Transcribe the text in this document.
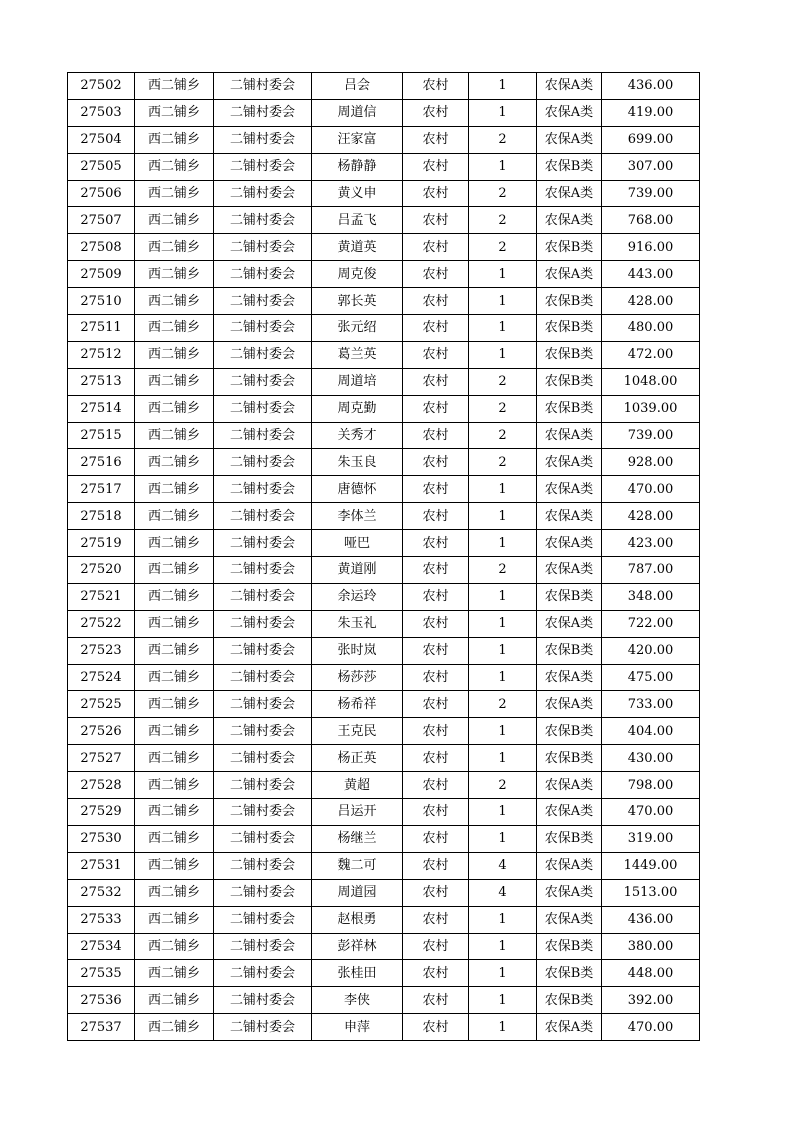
27502	西二铺乡	二铺村委会	吕会	农村	1	农保A类	436.00
27503	西二铺乡	二铺村委会	周道信	农村	1	农保A类	419.00
27504	西二铺乡	二铺村委会	汪家富	农村	2	农保A类	699.00
27505	西二铺乡	二铺村委会	杨静静	农村	1	农保B类	307.00
27506	西二铺乡	二铺村委会	黄义申	农村	2	农保A类	739.00
27507	西二铺乡	二铺村委会	吕孟飞	农村	2	农保A类	768.00
27508	西二铺乡	二铺村委会	黄道英	农村	2	农保B类	916.00
27509	西二铺乡	二铺村委会	周克俊	农村	1	农保A类	443.00
27510	西二铺乡	二铺村委会	郭长英	农村	1	农保B类	428.00
27511	西二铺乡	二铺村委会	张元绍	农村	1	农保B类	480.00
27512	西二铺乡	二铺村委会	葛兰英	农村	1	农保B类	472.00
27513	西二铺乡	二铺村委会	周道培	农村	2	农保B类	1048.00
27514	西二铺乡	二铺村委会	周克勤	农村	2	农保B类	1039.00
27515	西二铺乡	二铺村委会	关秀才	农村	2	农保A类	739.00
27516	西二铺乡	二铺村委会	朱玉良	农村	2	农保A类	928.00
27517	西二铺乡	二铺村委会	唐德怀	农村	1	农保A类	470.00
27518	西二铺乡	二铺村委会	李体兰	农村	1	农保A类	428.00
27519	西二铺乡	二铺村委会	哑巴	农村	1	农保A类	423.00
27520	西二铺乡	二铺村委会	黄道刚	农村	2	农保A类	787.00
27521	西二铺乡	二铺村委会	余运玲	农村	1	农保B类	348.00
27522	西二铺乡	二铺村委会	朱玉礼	农村	1	农保A类	722.00
27523	西二铺乡	二铺村委会	张时岚	农村	1	农保B类	420.00
27524	西二铺乡	二铺村委会	杨莎莎	农村	1	农保A类	475.00
27525	西二铺乡	二铺村委会	杨希祥	农村	2	农保A类	733.00
27526	西二铺乡	二铺村委会	王克民	农村	1	农保B类	404.00
27527	西二铺乡	二铺村委会	杨正英	农村	1	农保B类	430.00
27528	西二铺乡	二铺村委会	黄超	农村	2	农保A类	798.00
27529	西二铺乡	二铺村委会	吕运开	农村	1	农保A类	470.00
27530	西二铺乡	二铺村委会	杨继兰	农村	1	农保B类	319.00
27531	西二铺乡	二铺村委会	魏二可	农村	4	农保A类	1449.00
27532	西二铺乡	二铺村委会	周道园	农村	4	农保A类	1513.00
27533	西二铺乡	二铺村委会	赵根勇	农村	1	农保A类	436.00
27534	西二铺乡	二铺村委会	彭祥林	农村	1	农保B类	380.00
27535	西二铺乡	二铺村委会	张桂田	农村	1	农保B类	448.00
27536	西二铺乡	二铺村委会	李侠	农村	1	农保B类	392.00
27537	西二铺乡	二铺村委会	申萍	农村	1	农保A类	470.00
